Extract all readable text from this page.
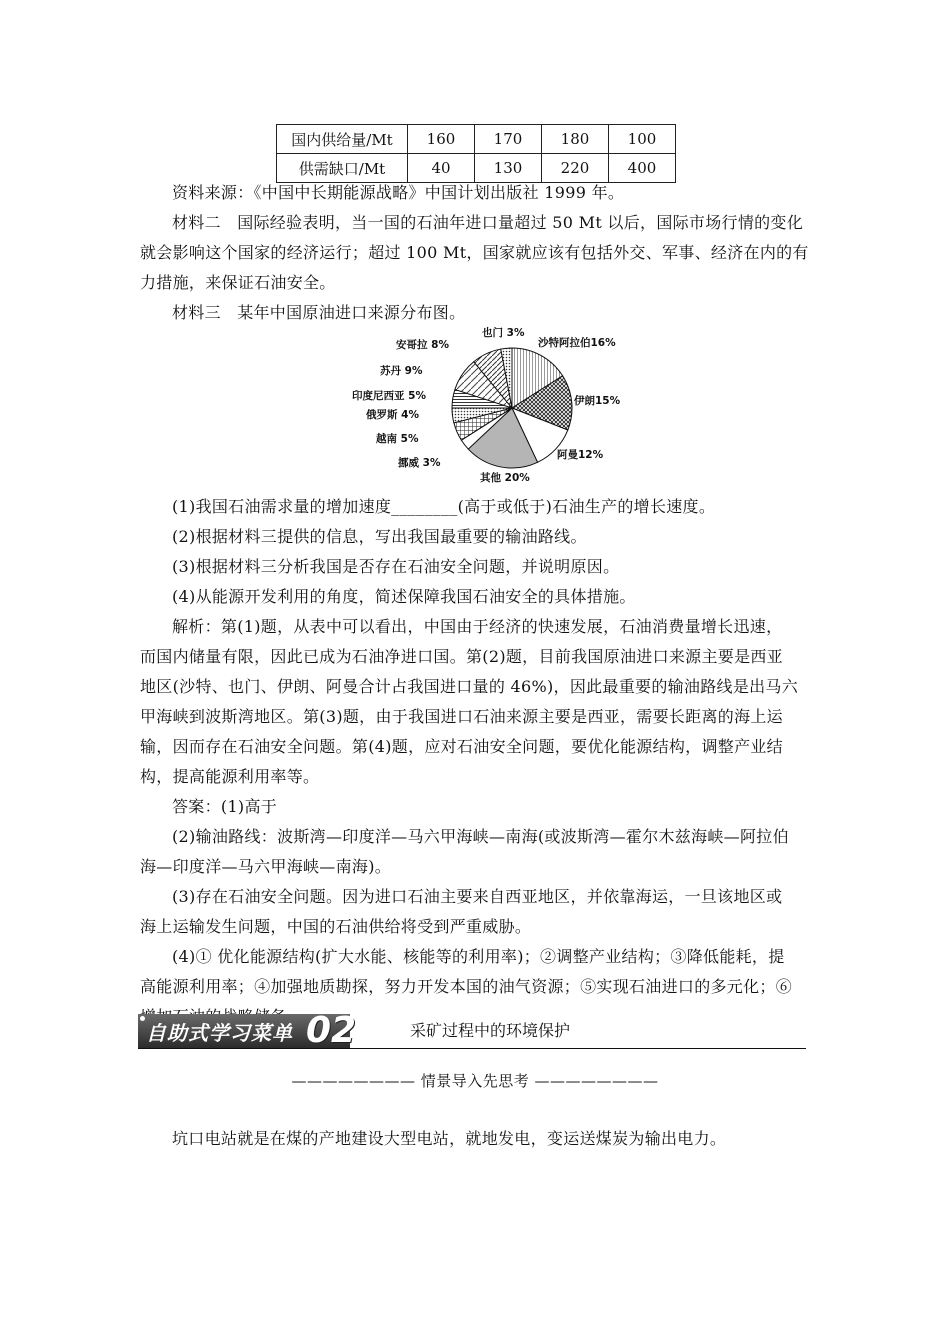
国内供给量/Mt	160	170	180	100
供需缺口/Mt	40	130	220	400

资料来源：《中国中长期能源战略》中国计划出版社 1999 年。

材料二　国际经验表明，当一国的石油年进口量超过 50 Mt 以后，国际市场行情的变化

就会影响这个国家的经济运行；超过 100 Mt，国家就应该有包括外交、军事、经济在内的有

力措施，来保证石油安全。

材料三　某年中国原油进口来源分布图。

沙特阿拉伯16%
伊朗15%
阿曼12%
其他 20%
挪威 3%
越南 5%
俄罗斯 4%
印度尼西亚 5%
苏丹 9%
安哥拉 8%
也门 3%

(1)我国石油需求量的增加速度________(高于或低于)石油生产的增长速度。

(2)根据材料三提供的信息，写出我国最重要的输油路线。

(3)根据材料三分析我国是否存在石油安全问题，并说明原因。

(4)从能源开发利用的角度，简述保障我国石油安全的具体措施。

解析：第(1)题，从表中可以看出，中国由于经济的快速发展，石油消费量增长迅速，

而国内储量有限，因此已成为石油净进口国。第(2)题，目前我国原油进口来源主要是西亚

地区(沙特、也门、伊朗、阿曼合计占我国进口量的 46%)，因此最重要的输油路线是出马六

甲海峡到波斯湾地区。第(3)题，由于我国进口石油来源主要是西亚，需要长距离的海上运

输，因而存在石油安全问题。第(4)题，应对石油安全问题，要优化能源结构，调整产业结

构，提高能源利用率等。

答案：(1)高于

(2)输油路线：波斯湾—印度洋—马六甲海峡—南海(或波斯湾—霍尔木兹海峡—阿拉伯

海—印度洋—马六甲海峡—南海)。

(3)存在石油安全问题。因为进口石油主要来自西亚地区，并依靠海运，一旦该地区或

海上运输发生问题，中国的石油供给将受到严重威胁。

(4)① 优化能源结构(扩大水能、核能等的利用率)；②调整产业结构；③降低能耗，提

高能源利用率；④加强地质勘探，努力开发本国的油气资源；⑤实现石油进口的多元化；⑥

自助式学习菜单 02	采矿过程中的环境保护
———————— 情景导入先思考 ————————

坑口电站就是在煤的产地建设大型电站，就地发电，变运送煤炭为输出电力。
